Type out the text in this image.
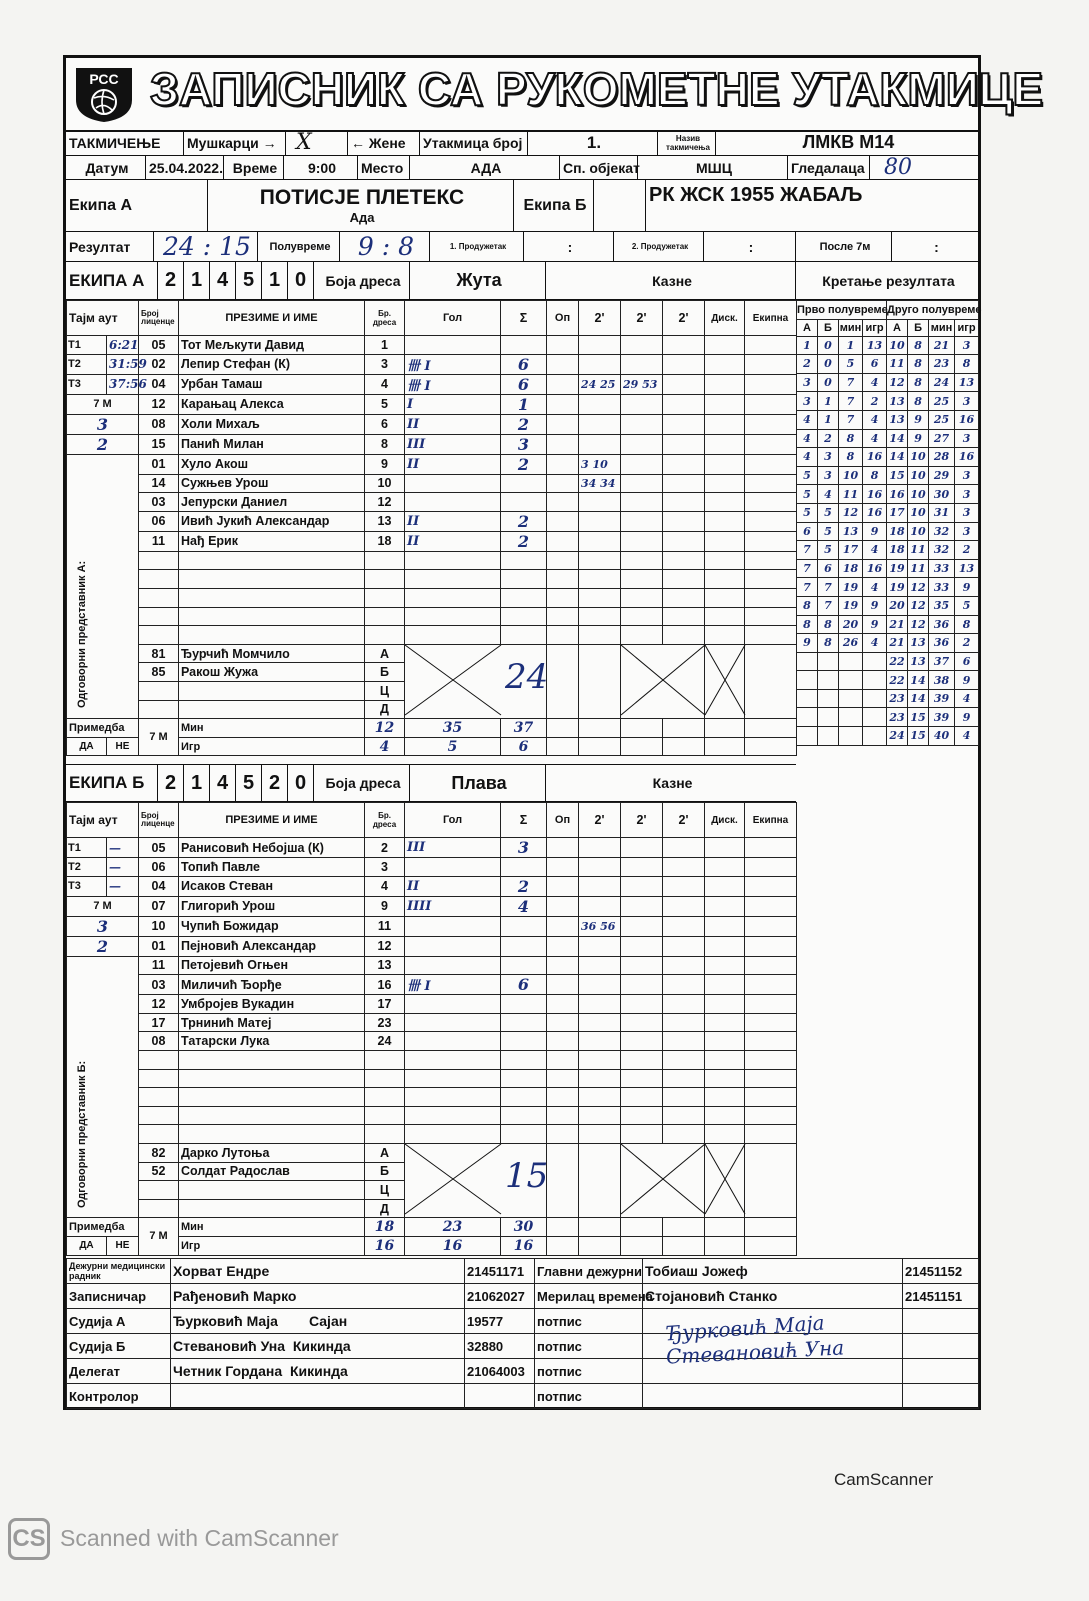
РСС ЗАПИСНИК СА РУКОМЕТНЕ УТАКМИЦЕ
ТАКМИЧЕЊЕ	Мушкарци → X	← Жене	Утакмица број	1.	Назив такмичења	ЛМКВ М14
Датум	25.04.2022. Време	9:00	Место	АДА	Сп. објекат	МШЦ	Гледалаца 80
Екипа А	ПОТИСЈЕ ПЛЕТЕКС
Ада
Екипа Б	РК ЖСК 1955 ЖАБАЉ
Резултат	24 : 15	Полувреме	9 : 8	1. Продужетак	:	2. Продужетак	:	После 7м	:
ЕКИПА А	2 1 4 5 1 0	Боја дреса	Жута	Казне	Кретање резултата
Тајм аут		Број лиценце	ПРЕЗИМЕ И ИМЕ	Бр. дреса	Гол	Σ	Оп	2'	2'	2'	Диск.	Екипна
T1	6:21	05	Тот Мељкути Давид	1								
T2	31:59	02	Лепир Стефан (К)	3	卌 I	6						
T3	37:56	04	Урбан Тамаш	4	卌 I	6		24 25	29 53			
7 М		12	Карањац Алекса	5	I	1						
3		08	Холи Михаљ	6	II	2						
2		15	Панић Милан	8	III	3						
		01	Хуло Акош	9	II	2		3 10				
		14	Сужњев Урош	10				34 34				
		03	Јепурски Даниел	12								
		06	Ивић Јукић Александар	13	II	2						
		11	Нађ Ерик	18	II	2						

		81	Ђурчић Момчило	А	24

		85	Ракош Жужа	Б								
				Ц								
				Д								
Примедба		7 М	Мин	12	35	37						
ДА	НЕ		Игр	4	5	6						
Прво полувреме				Друго полувреме			
А	Б	мин	игр	А	Б	мин	игр
1	0	1	13	10	8	21	3
2	0	5	6	11	8	23	8
3	0	7	4	12	8	24	13
3	1	7	2	13	8	25	3
4	1	7	4	13	9	25	16
4	2	8	4	14	9	27	3
4	3	8	16	14	10	28	16
5	3	10	8	15	10	29	3
5	4	11	16	16	10	30	3
5	5	12	16	17	10	31	3
6	5	13	9	18	10	32	3
7	5	17	4	18	11	32	2
7	6	18	16	19	11	33	13
7	7	19	4	19	12	33	9
8	7	19	9	20	12	35	5
8	8	20	9	21	12	36	8
9	8	26	4	21	13	36	2
				22	13	37	6
				22	14	38	9
				23	14	39	4
				23	15	39	9
				24	15	40	4
ЕКИПА Б	2 1 4 5 2 0	Боја дреса	Плава	Казне
Тајм аут		Број лиценце	ПРЕЗИМЕ И ИМЕ	Бр. дреса	Гол	Σ	Оп	2'	2'	2'	Диск.	Екипна
T1	—	05	Ранисовић Небојша (К)	2	III	3						
T2	—	06	Топић Павле	3								
T3	—	04	Исаков Стеван	4	II	2						
7 М		07	Глигорић Урош	9	IIII	4						
3		10	Чупић Божидар	11				36 56				
2		01	Пејновић Александар	12								
		11	Петојевић Огњен	13								
		03	Миличић Ђорђе	16	卌 I	6						
		12	Умбројев Вукадин	17								
		17	Трнинић Матеј	23								
		08	Татарски Лука	24								

		82	Дарко Лутоња	А	15

		52	Солдат Радослав	Б								
				Ц								
				Д								
Примедба		7 М	Мин	18	23	30						
ДА	НЕ		Игр	16	16	16						
Дежурни медицински радник	Хорват Ендре	21451171	Главни дежурни	Тобиаш Јожеф	21451152
Записничар	Рађеновић Марко	21062027	Мерилац времена	Стојановић Станко	21451151
Судија А	Ђурковић Маја        Сајан	19577	потпис		
Судија Б	Стевановић Уна  Кикинда	32880	потпис		
Делегат	Четник Гордана  Кикинда	21064003	потпис		
Контролор			потпис		
Ђурковић Маја
Стевановић Уна
Одговорни представник А:
Одговорни представник Б:
CamScanner
CS Scanned with CamScanner
